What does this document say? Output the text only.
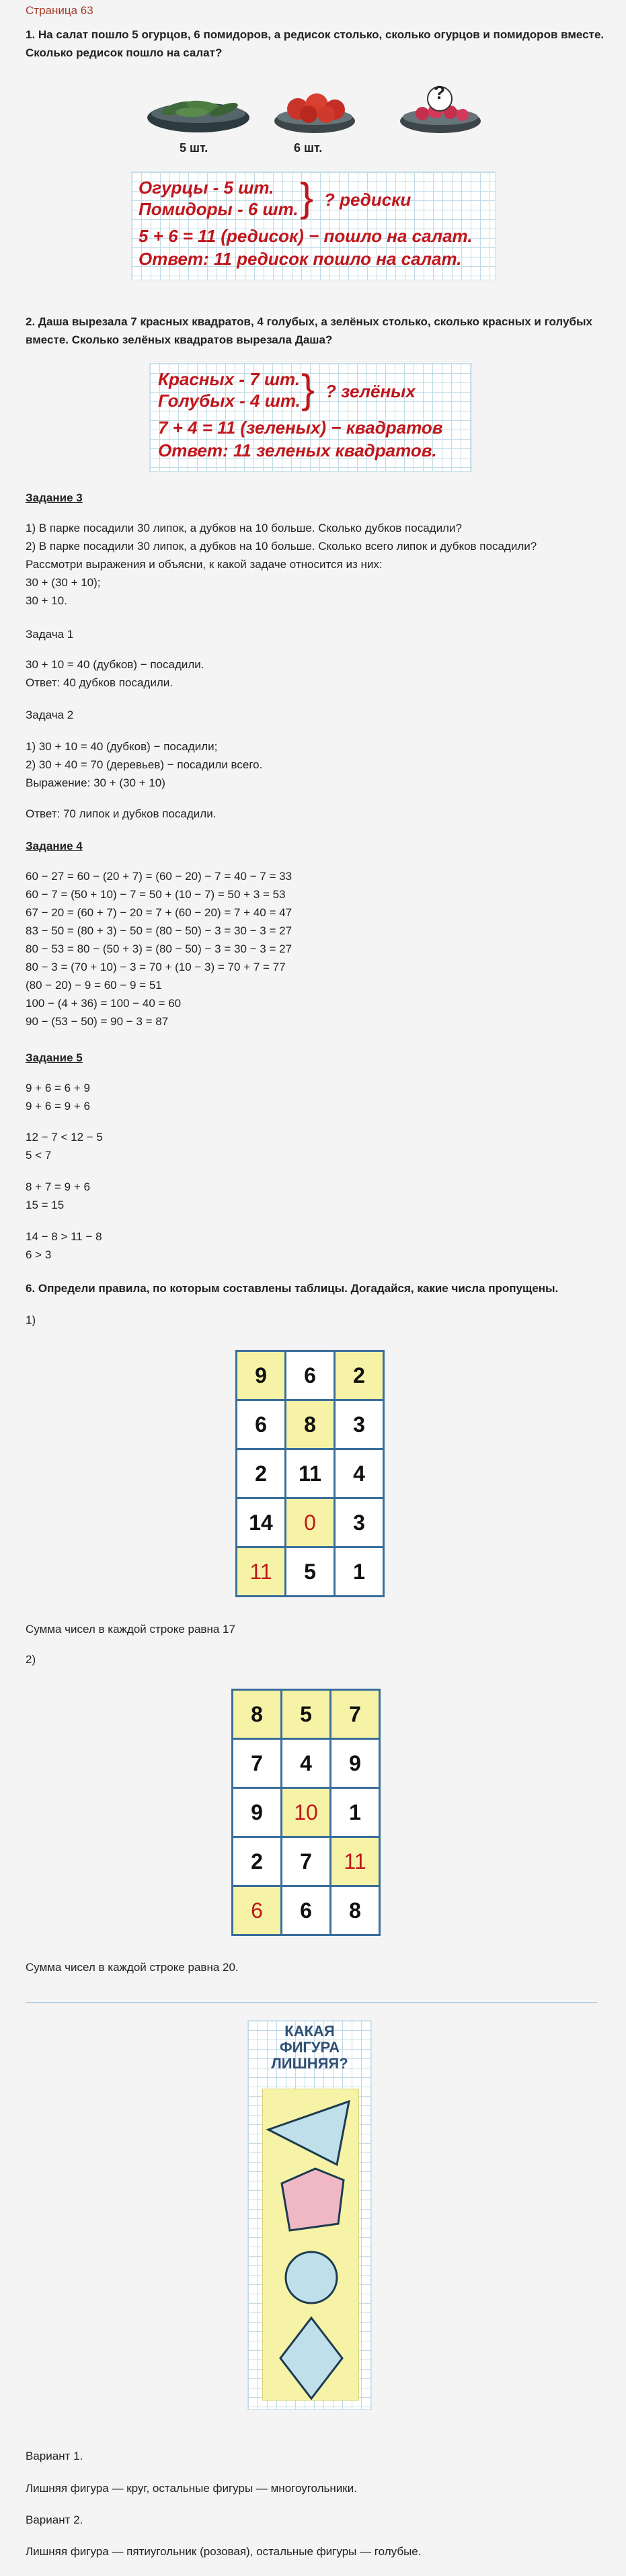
Страница 63
1. На салат пошло 5 огурцов, 6 помидоров, а редисок столько, сколько огурцов и помидоров вместе. Сколько редисок пошло на салат?
5 шт.	6 шт.
?
Огурцы - 5 шт.
Помидоры - 6 шт. } ? редиски
5 + 6 = 11 (редисок) − пошло на салат.
Ответ: 11 редисок пошло на салат.
2. Даша вырезала 7 красных квадратов, 4 голубых, а зелёных столько, сколько красных и голубых вместе. Сколько зелёных квадратов вырезала Даша?
Красных - 7 шт.
Голубых - 4 шт. } ? зелёных
7 + 4 = 11 (зеленых) − квадратов
Ответ: 11 зеленых квадратов.
Задание 3
1) В парке посадили 30 липок, а дубков на 10 больше. Сколько дубков посадили?
2) В парке посадили 30 липок, а дубков на 10 больше. Сколько всего липок и дубков посадили?
Рассмотри выражения и объясни, к какой задаче относится из них:
30 + (30 + 10);
30 + 10.
Задача 1
30 + 10 = 40 (дубков) − посадили.
Ответ: 40 дубков посадили.
Задача 2
1) 30 + 10 = 40 (дубков) − посадили;
2) 30 + 40 = 70 (деревьев) − посадили всего.
Выражение: 30 + (30 + 10)
Ответ: 70 липок и дубков посадили.
Задание 4
60 − 27 = 60 − (20 + 7) = (60 − 20) − 7 = 40 − 7 = 33
60 − 7 = (50 + 10) − 7 = 50 + (10 − 7) = 50 + 3 = 53
67 − 20 = (60 + 7) − 20 = 7 + (60 − 20) = 7 + 40 = 47
83 − 50 = (80 + 3) − 50 = (80 − 50) − 3 = 30 − 3 = 27
80 − 53 = 80 − (50 + 3) = (80 − 50) − 3 = 30 − 3 = 27
80 − 3 = (70 + 10) − 3 = 70 + (10 − 3) = 70 + 7 = 77
(80 − 20) − 9 = 60 − 9 = 51
100 − (4 + 36) = 100 − 40 = 60
90 − (53 − 50) = 90 − 3 = 87
Задание 5
9 + 6 = 6 + 9
9 + 6 = 9 + 6
12 − 7 < 12 − 5
5 < 7
8 + 7 = 9 + 6
15 = 15
14 − 8 > 11 − 8
6 > 3
6. Определи правила, по которым составлены таблицы. Догадайся, какие числа пропущены.
1)
9	6	2
6	8	3
2	11	4
14	0	3
11	5	1
Сумма чисел в каждой строке равна 17
2)
8	5	7
7	4	9
9	10	1
2	7	11
6	6	8
Сумма чисел в каждой строке равна 20.
КАКАЯ
ФИГУРА
ЛИШНЯЯ?
Вариант 1.
Лишняя фигура — круг, остальные фигуры — многоугольники.
Вариант 2.
Лишняя фигура — пятиугольник (розовая), остальные фигуры — голубые.
